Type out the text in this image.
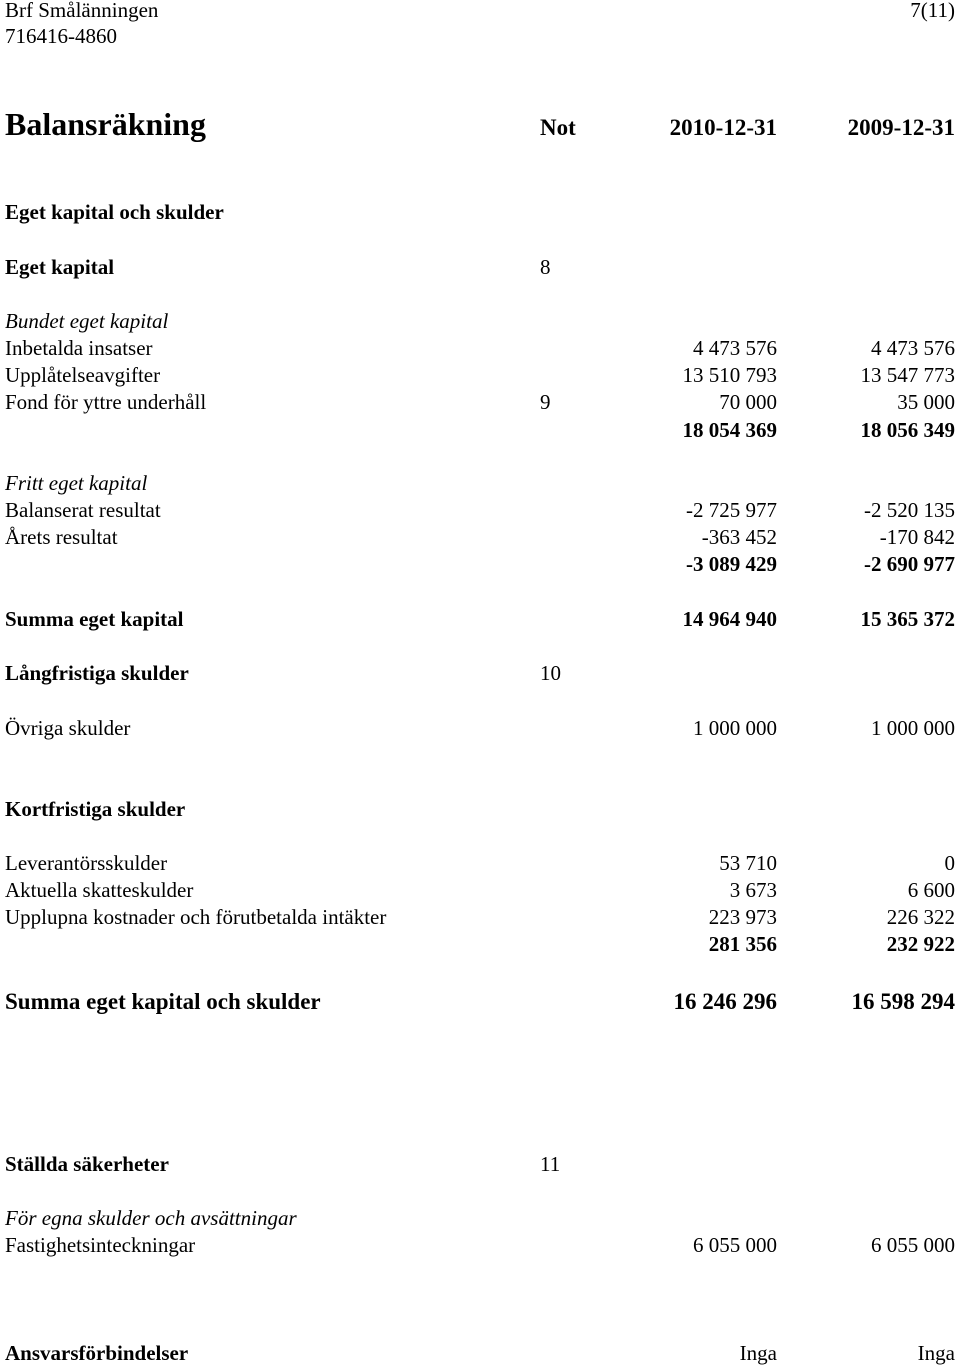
Brf Smålänningen
716416-4860
7(11)
Balansräkning	Not	2010-12-31	2009-12-31
Eget kapital och skulder
Eget kapital	8
Bundet eget kapital
Inbetalda insatser	4 473 576	4 473 576
Upplåtelseavgifter	13 510 793	13 547 773
Fond för yttre underhåll	9	70 000	35 000
18 054 369	18 056 349
Fritt eget kapital
Balanserat resultat	-2 725 977	-2 520 135
Årets resultat	-363 452	-170 842
-3 089 429	-2 690 977
Summa eget kapital	14 964 940	15 365 372
Långfristiga skulder	10
Övriga skulder	1 000 000	1 000 000
Kortfristiga skulder
Leverantörsskulder	53 710	0
Aktuella skatteskulder	3 673	6 600
Upplupna kostnader och förutbetalda intäkter	223 973	226 322
281 356	232 922
Summa eget kapital och skulder	16 246 296	16 598 294
Ställda säkerheter	11
För egna skulder och avsättningar
Fastighetsinteckningar	6 055 000	6 055 000
Ansvarsförbindelser	Inga	Inga
